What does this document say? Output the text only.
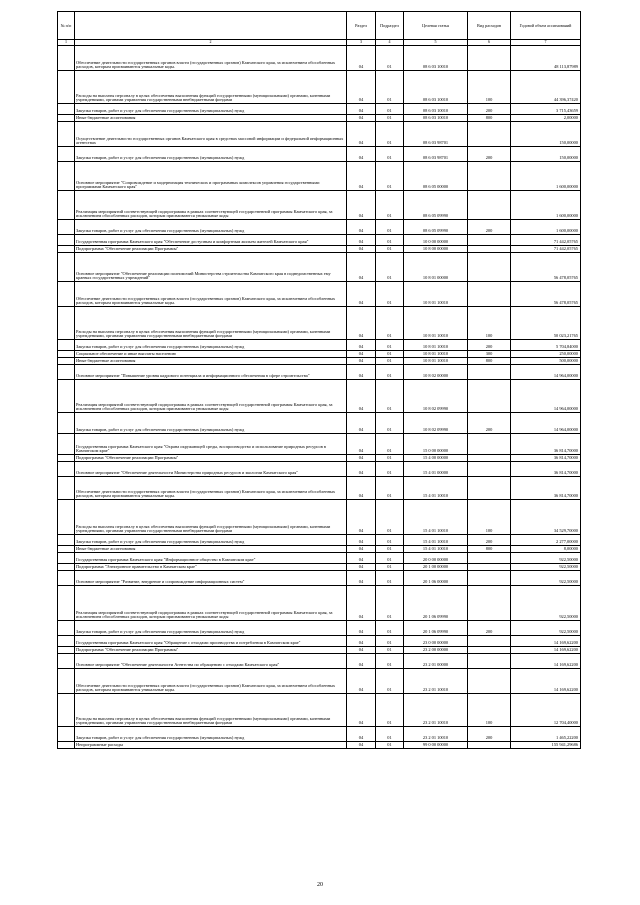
№ п/п		Раздел	Подраздел	Целевая статья	Вид расходов	Годовой объем ассигнований
1	2	3	4	5	6	7
	Обеспечение деятельности государственных органов власти (государственных органов) Камчатского края, за исключением обособленных расходов, которым присваиваются уникальные коды.	04	01	08 6 03 10010		48 113,87989
	Расходы на выплаты персоналу в целях обеспечения выполнения функций государственными (муниципальными) органами, казенными учреждениями, органами управления государственными внебюджетными фондами	04	01	08 6 03 10010	100	44 396,37420
	Закупка товаров, работ и услуг для обеспечения государственных (муниципальных) нужд	04	01	08 6 03 10010	200	3 715,43659
	Иные бюджетные ассигнования	04	01	08 6 03 10010	800	2,00000
	Осуществление деятельности государственных органов Камчатского края в средствах массовой информации и федеральной информационных агентствах	04	01	08 6 03 98701		150,00000
	Закупка товаров, работ и услуг для обеспечения государственных (муниципальных) нужд	04	01	08 6 03 98701	200	150,00000
	Основное мероприятие "Сопровождение и модернизация технических и программных комплексов управления государственными программами Камчатского края"	04	01	08 6 05 00000		1 600,00000
	Реализация мероприятий соответствующей подпрограммы в рамках соответствующей государственной программы Камчатского края, за исключением обособленных расходов, которым присваиваются уникальные коды	04	01	08 6 05 09990		1 600,00000
	Закупка товаров, работ и услуг для обеспечения государственных (муниципальных) нужд	04	01	08 6 05 09990	200	1 600,00000
	Государственная программа Камчатского края "Обеспечение доступным и комфортным жильем жителей Камчатского края"	04	01	10 0 00 00000		71 442,05765
	Подпрограмма "Обеспечение реализации Программы"	04	01	10 8 00 00000		71 442,05765
	Основное мероприятие "Обеспечение реализации полномочий Министерства строительства Камчатского края в подведомственных ему краевых государственных учреждений"	04	01	10 8 01 00000		56 478,05765
	Обеспечение деятельности государственных органов власти (государственных органов) Камчатского края, за исключением обособленных расходов, которым присваиваются уникальные коды.	04	01	10 8 01 10010		56 478,05765
	Расходы на выплаты персоналу в целях обеспечения выполнения функций государственными (муниципальными) органами, казенными учреждениями, органами управления государственными внебюджетными фондами	04	01	10 8 01 10010	100	50 023,21765
	Закупка товаров, работ и услуг для обеспечения государственных (муниципальных) нужд	04	01	10 8 01 10010	200	5 704,84000
	Социальное обеспечение и иные выплаты населению	04	01	10 8 01 10010	300	250,00000
	Иные бюджетные ассигнования	04	01	10 8 01 10010	800	500,00000
	Основное мероприятие "Повышение уровня кадрового потенциала и информационного обеспечения в сфере строительства"	04	01	10 8 02 00000		14 964,00000
	Реализация мероприятий соответствующей подпрограммы в рамках соответствующей государственной программы Камчатского края, за исключением обособленных расходов, которым присваиваются уникальные коды	04	01	10 8 02 09990		14 964,00000
	Закупка товаров, работ и услуг для обеспечения государственных (муниципальных) нужд	04	01	10 8 02 09990	200	14 964,00000
	Государственная программа Камчатского края "Охрана окружающей среды, воспроизводство и использование природных ресурсов в Камчатском крае"	04	01	15 0 00 00000		36 814,70000
	Подпрограмма "Обеспечение реализации Программы"	04	01	15 4 00 00000		36 814,70000
	Основное мероприятие "Обеспечение деятельности Министерства природных ресурсов и экологии Камчатского края"	04	01	15 4 01 00000		36 814,70000
	Обеспечение деятельности государственных органов власти (государственных органов) Камчатского края, за исключением обособленных расходов, которым присваиваются уникальные коды.	04	01	15 4 01 10010		36 814,70000
	Расходы на выплаты персоналу в целях обеспечения выполнения функций государственными (муниципальными) органами, казенными учреждениями, органами управления государственными внебюджетными фондами	04	01	15 4 01 10010	100	34 529,70000
	Закупка товаров, работ и услуг для обеспечения государственных (муниципальных) нужд	04	01	15 4 01 10010	200	2 277,00000
	Иные бюджетные ассигнования	04	01	15 4 01 10010	800	8,00000
	Государственная программа Камчатского края "Информационное общество в Камчатском крае"	04	01	20 0 00 00000		922,50000
	Подпрограмма "Электронное правительство в Камчатском крае"	04	01	20 1 00 00000		922,50000
	Основное мероприятие "Развитие, внедрение и сопровождение информационных систем"	04	01	20 1 06 00000		922,50000
	Реализация мероприятий соответствующей подпрограммы в рамках соответствующей государственной программы Камчатского края, за исключением обособленных расходов, которым присваиваются уникальные коды	04	01	20 1 06 09990		922,50000
	Закупка товаров, работ и услуг для обеспечения государственных (муниципальных) нужд	04	01	20 1 06 09990	200	922,50000
	Государственная программа Камчатского края "Обращение с отходами производства и потребления в Камчатском крае"	04	01	23 0 00 00000		14 169,62200
	Подпрограмма "Обеспечение реализации Программы"	04	01	23 2 00 00000		14 169,62200
	Основное мероприятие "Обеспечение деятельности Агентства по обращению с отходами Камчатского края"	04	01	23 2 01 00000		14 169,62200
	Обеспечение деятельности государственных органов власти (государственных органов) Камчатского края, за исключением обособленных расходов, которым присваиваются уникальные коды.	04	01	23 2 01 10010		14 169,62200
	Расходы на выплаты персоналу в целях обеспечения выполнения функций государственными (муниципальными) органами, казенными учреждениями, органами управления государственными внебюджетными фондами	04	01	23 2 01 10010	100	12 704,40000
	Закупка товаров, работ и услуг для обеспечения государственных (муниципальных) нужд	04	01	23 2 01 10010	200	1 465,22200
	Непрограммные расходы	04	01	99 0 00 00000		155 941,29686
20
